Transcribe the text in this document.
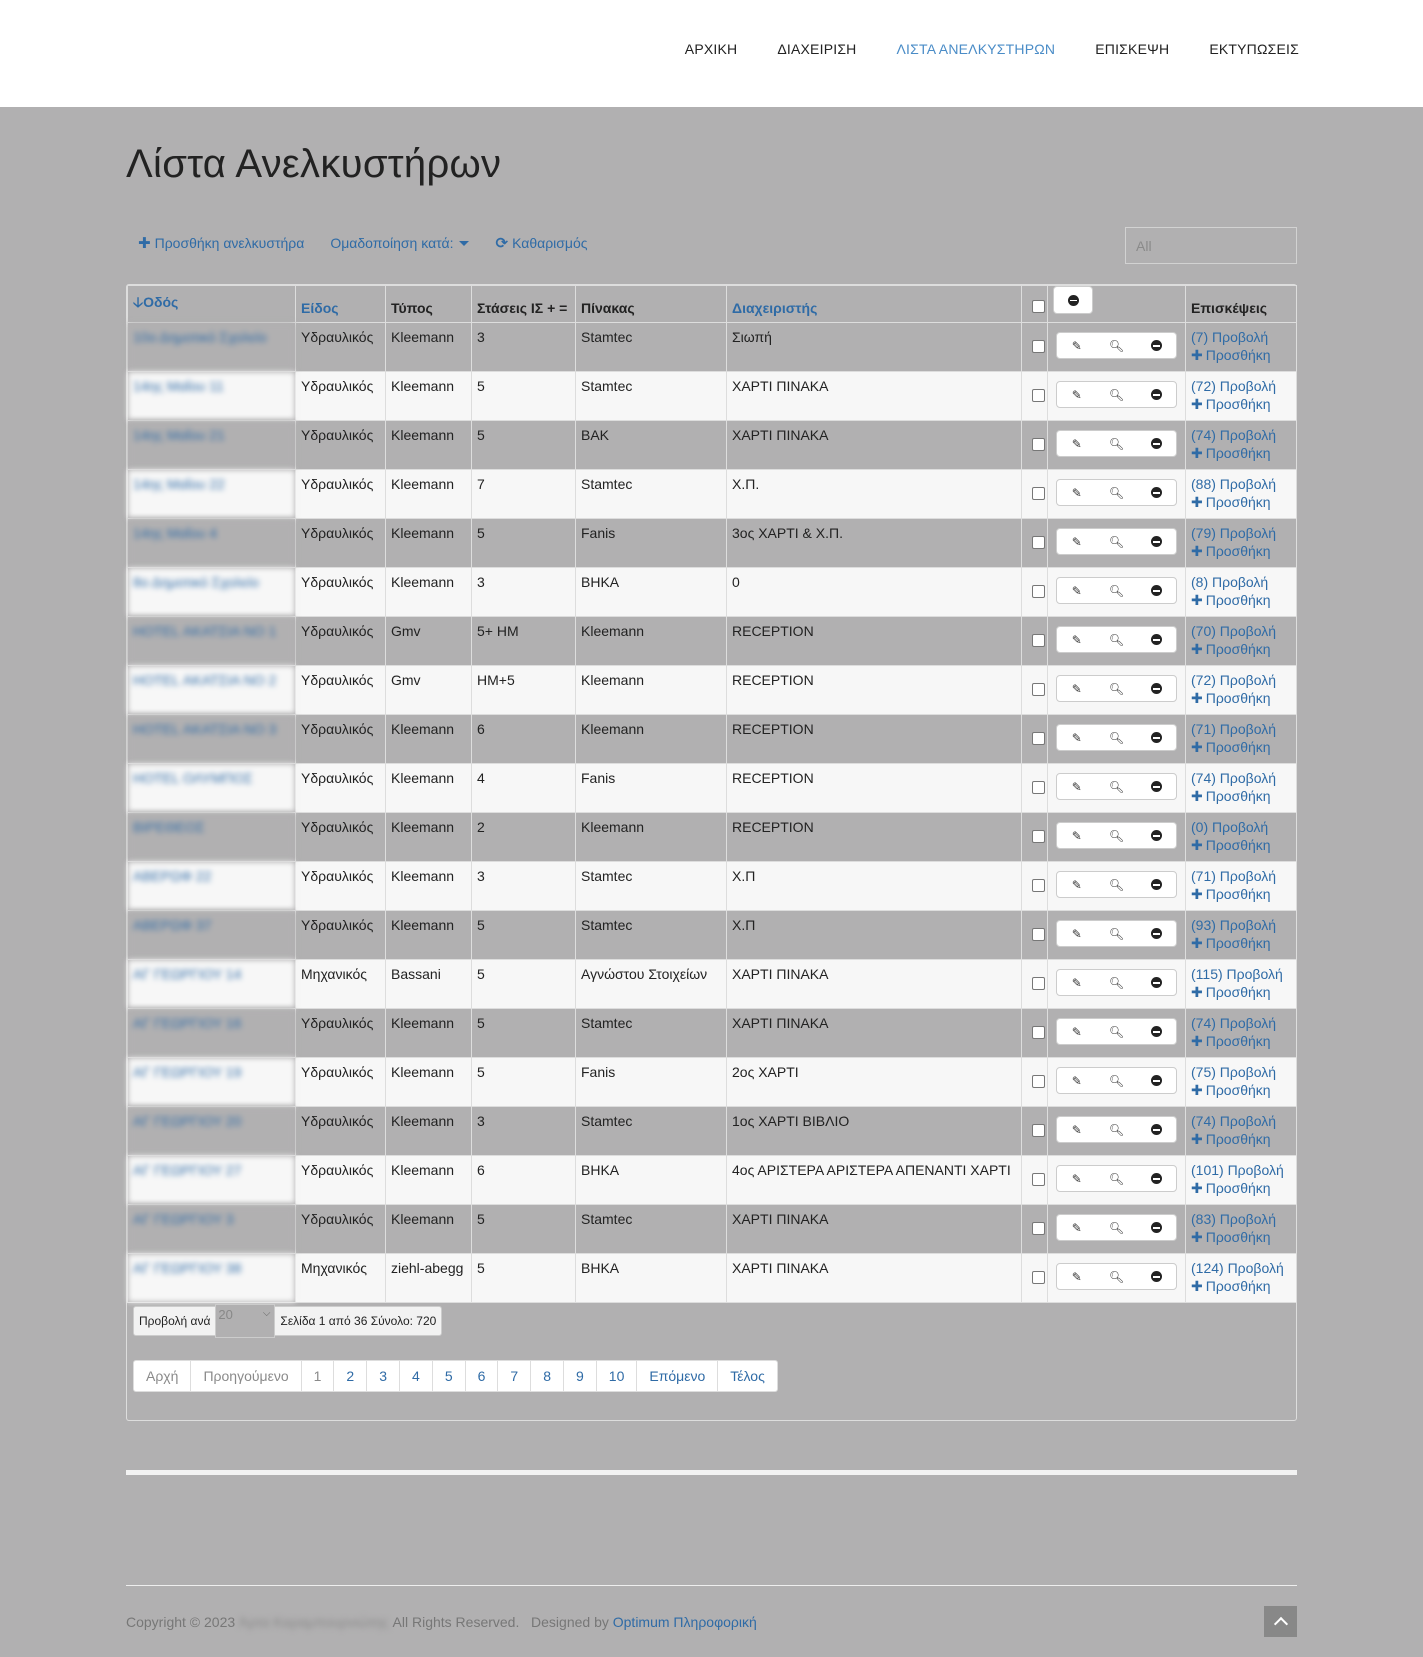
ΑΡΧΙΚΗ	ΔΙΑΧΕΙΡΙΣΗ	ΛΙΣΤΑ ΑΝΕΛΚΥΣΤΗΡΩΝ	ΕΠΙΣΚΕΨΗ	ΕΚΤΥΠΩΣΕΙΣ
Λίστα Ανελκυστήρων
✚ Προσθήκη ανελκυστήρα Ομαδοποίηση κατά:	⟳ Καθαρισμός
All
🡣Οδός	Είδος	Τύπος	Στάσεις ΙΣ + =	Πίνακας	Διαχειριστής			Επισκέψεις
10ο Δημοτικό Σχολείο	Υδραυλικός	Kleemann	3	Stamtec	Σιωπή		✎ 🔍︎	(7) Προβολή
✚ Προσθήκη

14ης Μαΐου 11	Υδραυλικός	Kleemann	5	Stamtec	ΧΑΡΤΙ ΠΙΝΑΚΑ		✎ 🔍︎	(72) Προβολή
✚ Προσθήκη

14ης Μαΐου 21	Υδραυλικός	Kleemann	5	BAK	ΧΑΡΤΙ ΠΙΝΑΚΑ		✎ 🔍︎	(74) Προβολή
✚ Προσθήκη

14ης Μαΐου 22	Υδραυλικός	Kleemann	7	Stamtec	Χ.Π.		✎ 🔍︎	(88) Προβολή
✚ Προσθήκη

14ης Μαΐου 4	Υδραυλικός	Kleemann	5	Fanis	3ος ΧΑΡΤΙ & Χ.Π.		✎ 🔍︎	(79) Προβολή
✚ Προσθήκη

8ο Δημοτικό Σχολείο	Υδραυλικός	Kleemann	3	ΒΗΚΑ	0		✎ 🔍︎	(8) Προβολή
✚ Προσθήκη

HOTEL ΑΚΑΤΣΙΑ ΝΟ 1	Υδραυλικός	Gmv	5+ HM	Kleemann	RECEPTION		✎ 🔍︎	(70) Προβολή
✚ Προσθήκη

HOTEL ΑΚΑΤΣΙΑ ΝΟ 2	Υδραυλικός	Gmv	HM+5	Kleemann	RECEPTION		✎ 🔍︎	(72) Προβολή
✚ Προσθήκη

HOTEL ΑΚΑΤΣΙΑ ΝΟ 3	Υδραυλικός	Kleemann	6	Kleemann	RECEPTION		✎ 🔍︎	(71) Προβολή
✚ Προσθήκη

HOTEL ΟΛΥΜΠΟΣ	Υδραυλικός	Kleemann	4	Fanis	RECEPTION		✎ 🔍︎	(74) Προβολή
✚ Προσθήκη

ΒΙΡΕΘΕΟΣ	Υδραυλικός	Kleemann	2	Kleemann	RECEPTION		✎ 🔍︎	(0) Προβολή
✚ Προσθήκη

ΑΒΕΡΩΦ 22	Υδραυλικός	Kleemann	3	Stamtec	Χ.Π		✎ 🔍︎	(71) Προβολή
✚ Προσθήκη

ΑΒΕΡΩΦ 37	Υδραυλικός	Kleemann	5	Stamtec	Χ.Π		✎ 🔍︎	(93) Προβολή
✚ Προσθήκη

ΑΓ ΓΕΩΡΓΙΟΥ 14	Μηχανικός	Bassani	5	Αγνώστου Στοιχείων	ΧΑΡΤΙ ΠΙΝΑΚΑ		✎ 🔍︎	(115) Προβολή
✚ Προσθήκη

ΑΓ ΓΕΩΡΓΙΟΥ 16	Υδραυλικός	Kleemann	5	Stamtec	ΧΑΡΤΙ ΠΙΝΑΚΑ		✎ 🔍︎	(74) Προβολή
✚ Προσθήκη

ΑΓ ΓΕΩΡΓΙΟΥ 19	Υδραυλικός	Kleemann	5	Fanis	2ος ΧΑΡΤΙ		✎ 🔍︎	(75) Προβολή
✚ Προσθήκη

ΑΓ ΓΕΩΡΓΙΟΥ 20	Υδραυλικός	Kleemann	3	Stamtec	1ος ΧΑΡΤΙ ΒΙΒΛΙΟ		✎ 🔍︎	(74) Προβολή
✚ Προσθήκη

ΑΓ ΓΕΩΡΓΙΟΥ 27	Υδραυλικός	Kleemann	6	ΒΗΚΑ	4ος ΑΡΙΣΤΕΡΑ ΑΡΙΣΤΕΡΑ ΑΠΕΝΑΝΤΙ ΧΑΡΤΙ		✎ 🔍︎	(101) Προβολή
✚ Προσθήκη

ΑΓ ΓΕΩΡΓΙΟΥ 3	Υδραυλικός	Kleemann	5	Stamtec	ΧΑΡΤΙ ΠΙΝΑΚΑ		✎ 🔍︎	(83) Προβολή
✚ Προσθήκη

ΑΓ ΓΕΩΡΓΙΟΥ 38	Μηχανικός	ziehl-abegg	5	ΒΗΚΑ	ΧΑΡΤΙ ΠΙΝΑΚΑ		✎ 🔍︎	(124) Προβολή
✚ Προσθήκη
Προβολή ανά 20	⌵
Σελίδα 1 από 36 Σύνολο: 720
Αρχή	Προηγούμενο	1	2	3	4	5	6	7	8	9	10	Επόμενο	Τέλος
Copyright © 2023 Άρτα Καραμπουρνιώτης All Rights Reserved. Designed by Optimum Πληροφορική
